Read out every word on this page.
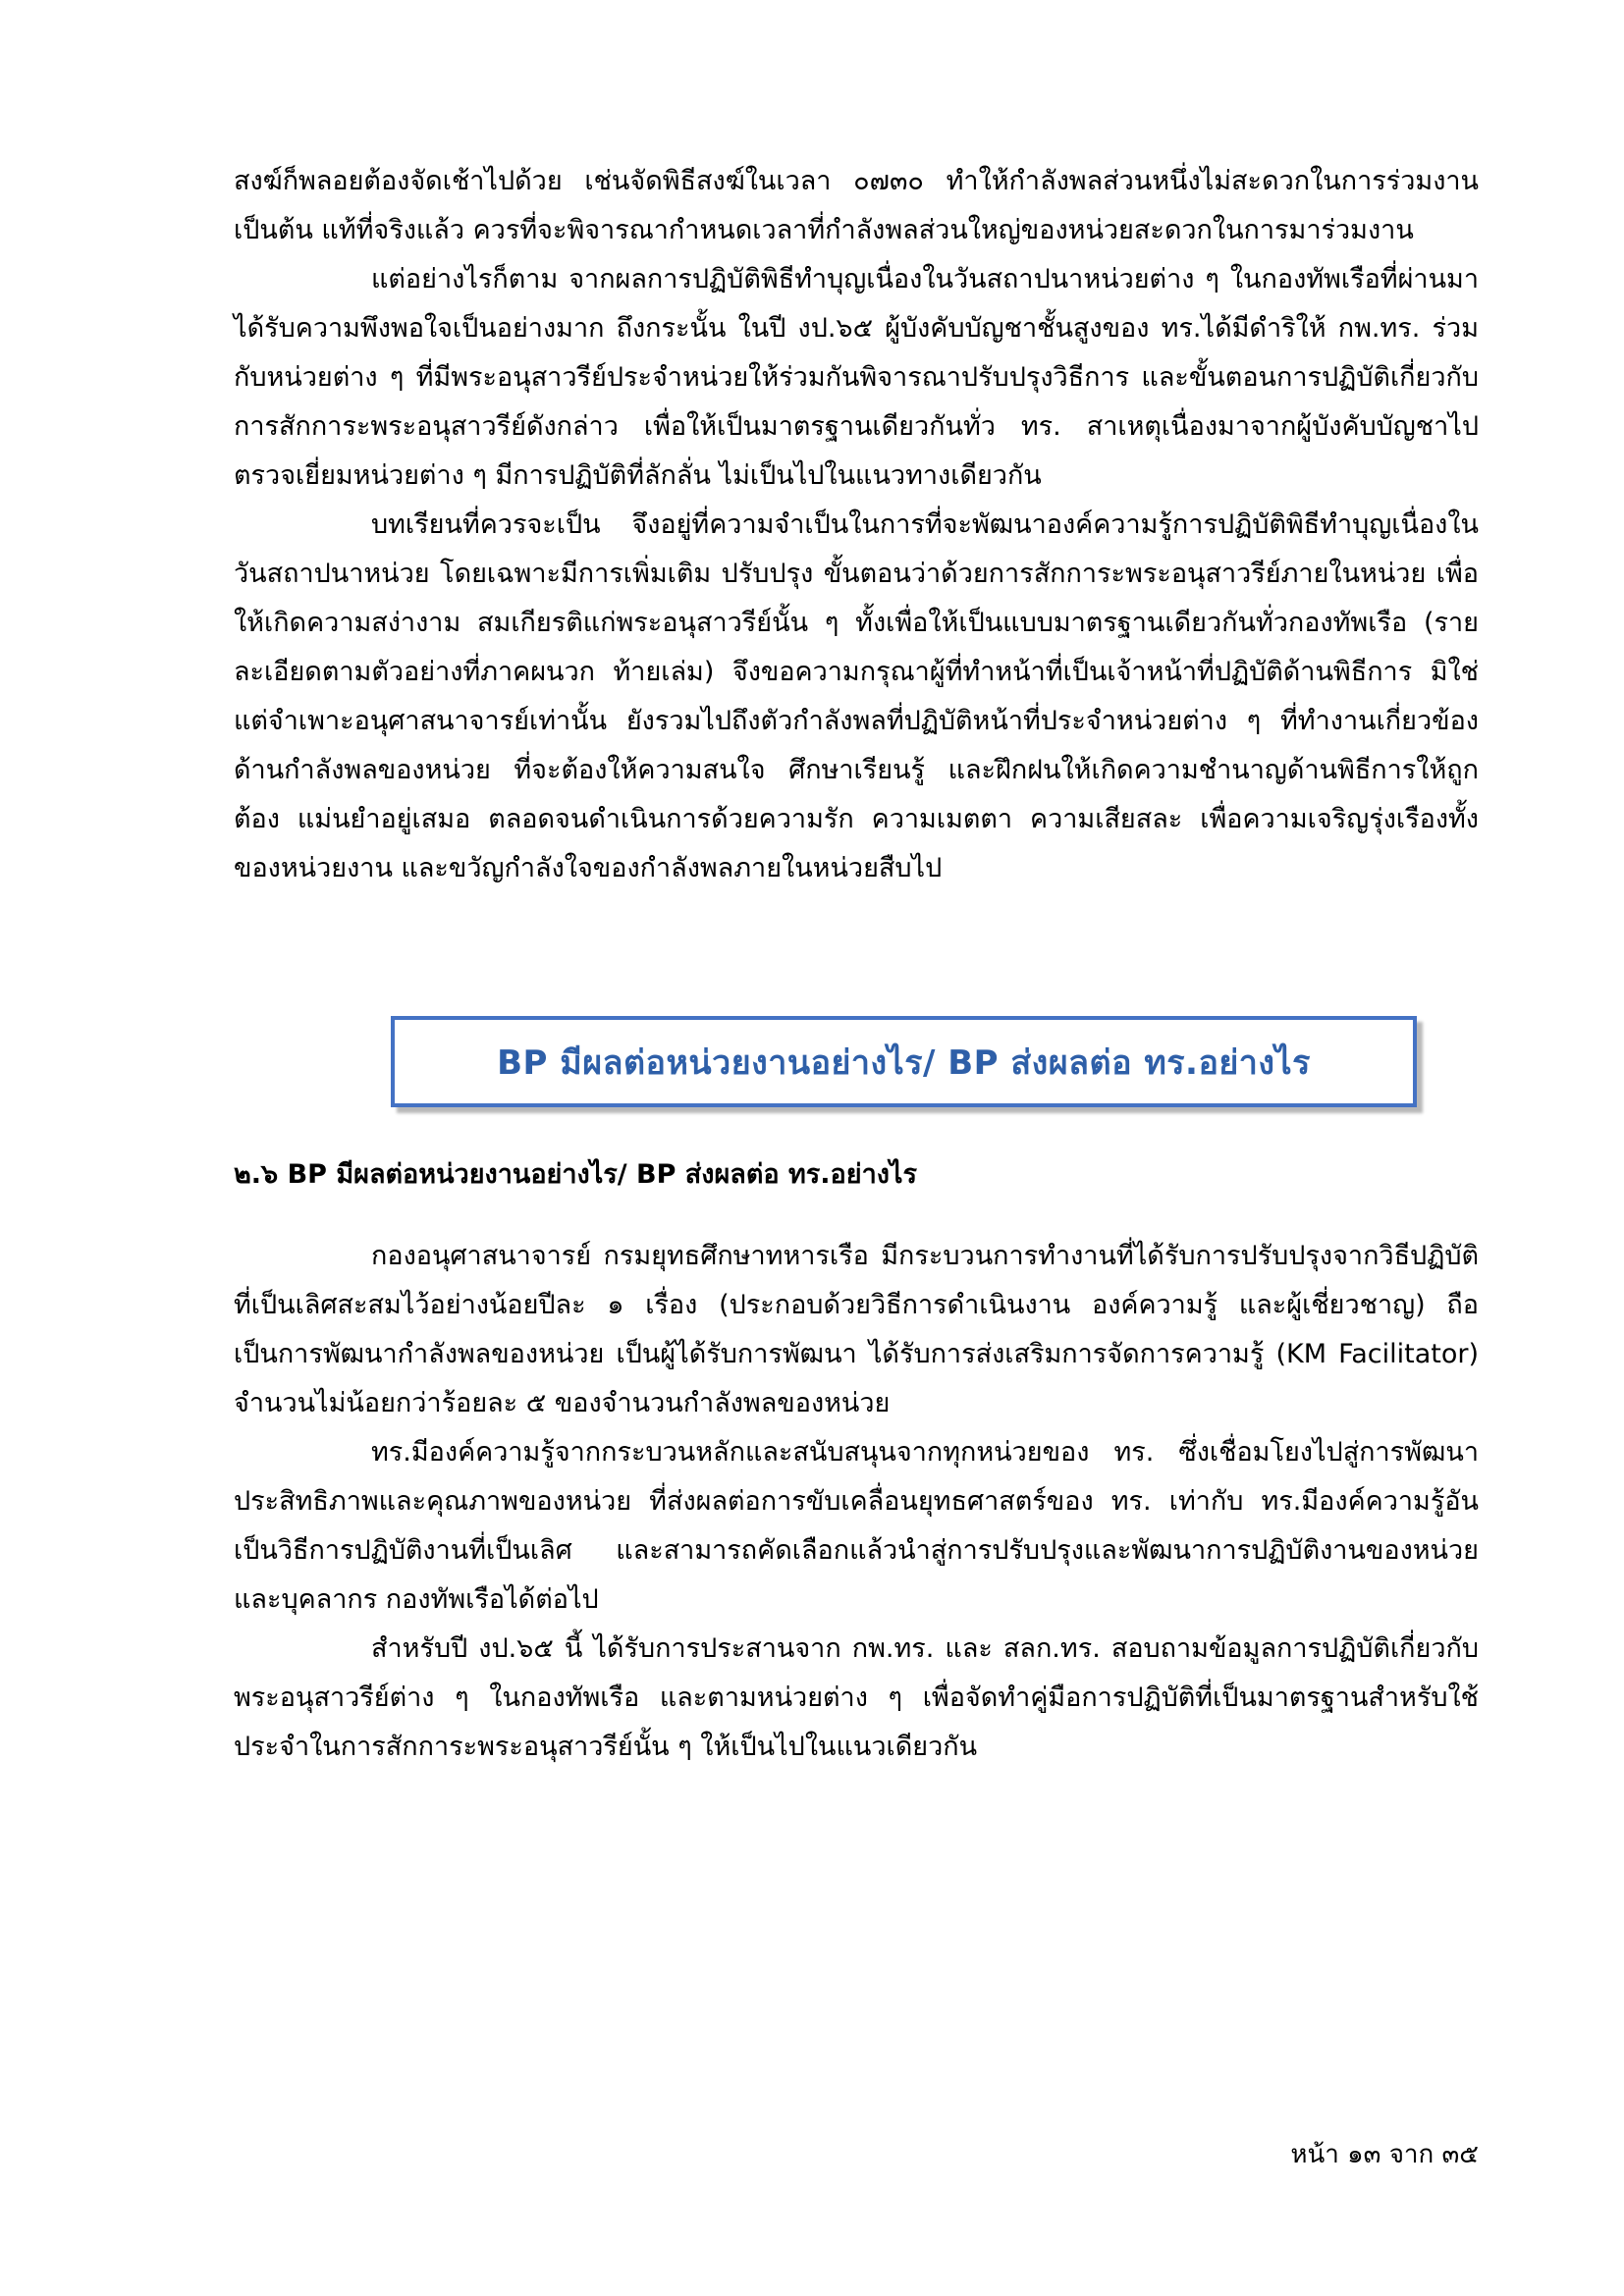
สงฆ์ก็พลอยต้องจัดเช้าไปด้วย เช่นจัดพิธีสงฆ์ในเวลา ๐๗๓๐ ทำให้กำลังพลส่วนหนึ่งไม่สะดวกในการร่วมงาน เป็นต้น แท้ที่จริงแล้ว ควรที่จะพิจารณากำหนดเวลาที่กำลังพลส่วนใหญ่ของหน่วยสะดวกในการมาร่วมงาน

แต่อย่างไรก็ตาม จากผลการปฏิบัติพิธีทำบุญเนื่องในวันสถาปนาหน่วยต่าง ๆ ในกองทัพเรือที่ผ่านมา ได้รับความพึงพอใจเป็นอย่างมาก ถึงกระนั้น ในปี งป.๖๕ ผู้บังคับบัญชาชั้นสูงของ ทร.ได้มีดำริให้ กพ.ทร. ร่วมกับหน่วยต่าง ๆ ที่มีพระอนุสาวรีย์ประจำหน่วยให้ร่วมกันพิจารณาปรับปรุงวิธีการ และขั้นตอนการปฏิบัติเกี่ยวกับการสักการะพระอนุสาวรีย์ดังกล่าว เพื่อให้เป็นมาตรฐานเดียวกันทั่ว ทร. สาเหตุเนื่องมาจากผู้บังคับบัญชาไปตรวจเยี่ยมหน่วยต่าง ๆ มีการปฏิบัติที่ลักลั่น ไม่เป็นไปในแนวทางเดียวกัน

บทเรียนที่ควรจะเป็น จึงอยู่ที่ความจำเป็นในการที่จะพัฒนาองค์ความรู้การปฏิบัติพิธีทำบุญเนื่องในวันสถาปนาหน่วย โดยเฉพาะมีการเพิ่มเติม ปรับปรุง ขั้นตอนว่าด้วยการสักการะพระอนุสาวรีย์ภายในหน่วย เพื่อให้เกิดความสง่างาม สมเกียรติแก่พระอนุสาวรีย์นั้น ๆ ทั้งเพื่อให้เป็นแบบมาตรฐานเดียวกันทั่วกองทัพเรือ (รายละเอียดตามตัวอย่างที่ภาคผนวก ท้ายเล่ม) จึงขอความกรุณาผู้ที่ทำหน้าที่เป็นเจ้าหน้าที่ปฏิบัติด้านพิธีการ มิใช่แต่จำเพาะอนุศาสนาจารย์เท่านั้น ยังรวมไปถึงตัวกำลังพลที่ปฏิบัติหน้าที่ประจำหน่วยต่าง ๆ ที่ทำงานเกี่ยวข้องด้านกำลังพลของหน่วย ที่จะต้องให้ความสนใจ ศึกษาเรียนรู้ และฝึกฝนให้เกิดความชำนาญด้านพิธีการให้ถูกต้อง แม่นยำอยู่เสมอ ตลอดจนดำเนินการด้วยความรัก ความเมตตา ความเสียสละ เพื่อความเจริญรุ่งเรืองทั้งของหน่วยงาน และขวัญกำลังใจของกำลังพลภายในหน่วยสืบไป

BP มีผลต่อหน่วยงานอย่างไร/ BP ส่งผลต่อ ทร.อย่างไร

๒.๖ BP มีผลต่อหน่วยงานอย่างไร/ BP ส่งผลต่อ ทร.อย่างไร

กองอนุศาสนาจารย์ กรมยุทธศึกษาทหารเรือ มีกระบวนการทำงานที่ได้รับการปรับปรุงจากวิธีปฏิบัติที่เป็นเลิศสะสมไว้อย่างน้อยปีละ ๑ เรื่อง (ประกอบด้วยวิธีการดำเนินงาน องค์ความรู้ และผู้เชี่ยวชาญ) ถือเป็นการพัฒนากำลังพลของหน่วย เป็นผู้ได้รับการพัฒนา ได้รับการส่งเสริมการจัดการความรู้ (KM Facilitator) จำนวนไม่น้อยกว่าร้อยละ ๕ ของจำนวนกำลังพลของหน่วย

ทร.มีองค์ความรู้จากกระบวนหลักและสนับสนุนจากทุกหน่วยของ ทร. ซึ่งเชื่อมโยงไปสู่การพัฒนาประสิทธิภาพและคุณภาพของหน่วย ที่ส่งผลต่อการขับเคลื่อนยุทธศาสตร์ของ ทร. เท่ากับ ทร.มีองค์ความรู้อันเป็นวิธีการปฏิบัติงานที่เป็นเลิศ และสามารถคัดเลือกแล้วนำสู่การปรับปรุงและพัฒนาการปฏิบัติงานของหน่วยและบุคลากร กองทัพเรือได้ต่อไป

สำหรับปี งป.๖๕ นี้ ได้รับการประสานจาก กพ.ทร. และ สลก.ทร. สอบถามข้อมูลการปฏิบัติเกี่ยวกับพระอนุสาวรีย์ต่าง ๆ ในกองทัพเรือ และตามหน่วยต่าง ๆ เพื่อจัดทำคู่มือการปฏิบัติที่เป็นมาตรฐานสำหรับใช้ประจำในการสักการะพระอนุสาวรีย์นั้น ๆ ให้เป็นไปในแนวเดียวกัน

หน้า ๑๓ จาก ๓๕
